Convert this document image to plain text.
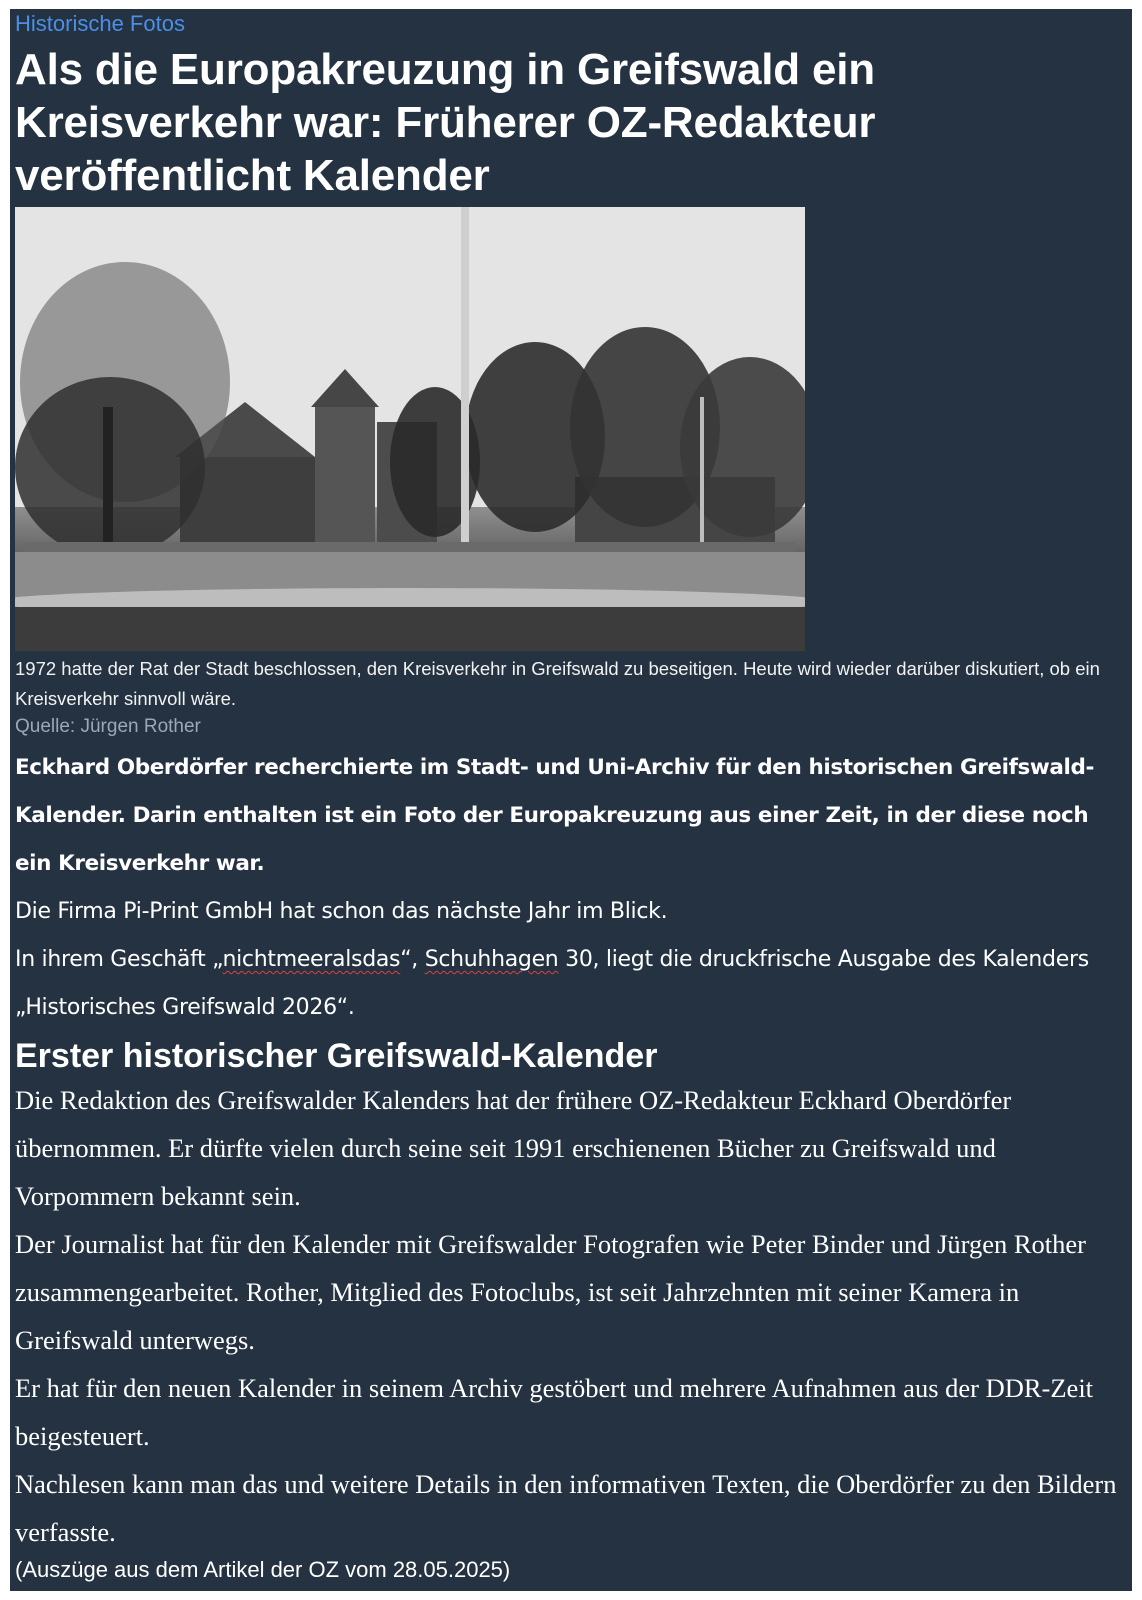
Historische Fotos
Als die Europakreuzung in Greifswald ein Kreisverkehr war: Früherer OZ-Redakteur veröffentlicht Kalender
1972 hatte der Rat der Stadt beschlossen, den Kreisverkehr in Greifswald zu beseitigen. Heute wird wieder darüber diskutiert, ob ein Kreisverkehr sinnvoll wäre.
Quelle: Jürgen Rother

Eckhard Oberdörfer recherchierte im Stadt- und Uni-Archiv für den historischen Greifswald-Kalender. Darin enthalten ist ein Foto der Europakreuzung aus einer Zeit, in der diese noch ein Kreisverkehr war.

Die Firma Pi-Print GmbH hat schon das nächste Jahr im Blick.
In ihrem Geschäft „nichtmeeralsdas“, Schuhhagen 30, liegt die druckfrische Ausgabe des Kalenders „Historisches Greifswald 2026“.
Erster historischer Greifswald-Kalender
Die Redaktion des Greifswalder Kalenders hat der frühere OZ-Redakteur Eckhard Oberdörfer übernommen. Er dürfte vielen durch seine seit 1991 erschienenen Bücher zu Greifswald und Vorpommern bekannt sein.
Der Journalist hat für den Kalender mit Greifswalder Fotografen wie Peter Binder und Jürgen Rother zusammengearbeitet. Rother, Mitglied des Fotoclubs, ist seit Jahrzehnten mit seiner Kamera in Greifswald unterwegs.
Er hat für den neuen Kalender in seinem Archiv gestöbert und mehrere Aufnahmen aus der DDR-Zeit beigesteuert.
Nachlesen kann man das und weitere Details in den informativen Texten, die Oberdörfer zu den Bildern verfasste.
(Auszüge aus dem Artikel der OZ vom 28.05.2025)
